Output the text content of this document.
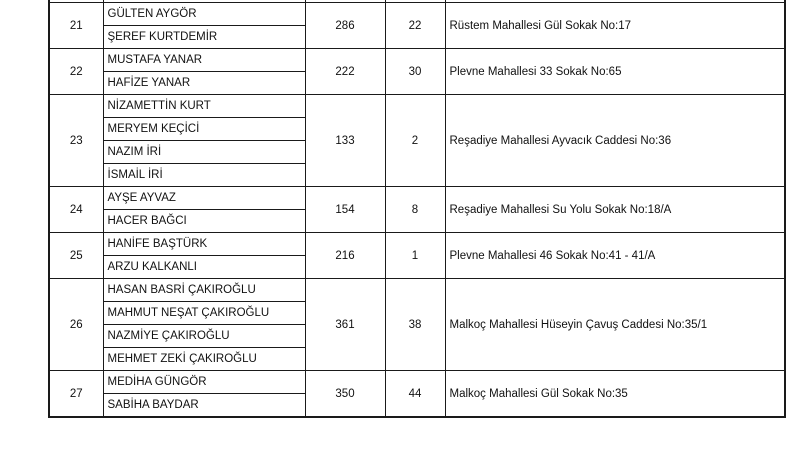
21	GÜLTEN AYGÖR
ŞEREF KURTDEMİR	286	22	Rüstem Mahallesi Gül Sokak No:17
22	MUSTAFA YANAR
HAFİZE YANAR	222	30	Plevne Mahallesi 33 Sokak No:65
23	NİZAMETTİN KURT
MERYEM KEÇİCİ
NAZIM İRİ
İSMAİL İRİ	133	2	Reşadiye Mahallesi Ayvacık Caddesi No:36
24	AYŞE AYVAZ
HACER BAĞCI	154	8	Reşadiye Mahallesi Su Yolu Sokak No:18/A
25	HANİFE BAŞTÜRK
ARZU KALKANLI	216	1	Plevne Mahallesi 46 Sokak No:41 - 41/A
26	HASAN BASRİ ÇAKIROĞLU
MAHMUT NEŞAT ÇAKIROĞLU
NAZMİYE ÇAKIROĞLU
MEHMET ZEKİ ÇAKIROĞLU	361	38	Malkoç Mahallesi Hüseyin Çavuş Caddesi No:35/1
27	MEDİHA GÜNGÖR
SABİHA BAYDAR	350	44	Malkoç Mahallesi Gül Sokak No:35
